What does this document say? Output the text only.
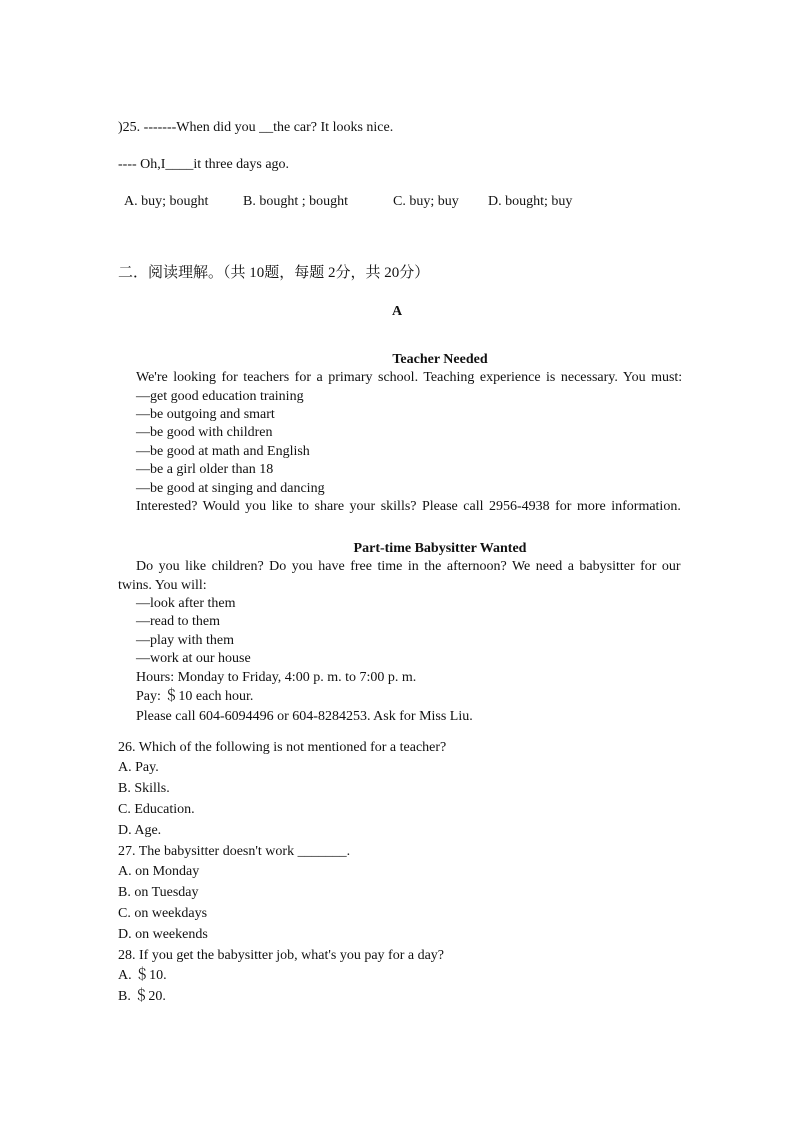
)25. -------When did you __the car? It looks nice.
---- Oh,I____it three days ago.
A. buy; bought B. bought ; bought	C. buy; buy D. bought; buy
二．阅读理解。（共 10题，每题 2分，共 20分）
A
Teacher Needed
We're looking for teachers for a primary school. Teaching experience is necessary. You must:
—get good education training
—be outgoing and smart
—be good with children
—be good at math and English
—be a girl older than 18
—be good at singing and dancing
Interested? Would you like to share your skills? Please call 2956-4938 for more information.
Part-time Babysitter Wanted
Do you like children? Do you have free time in the afternoon? We need a babysitter for our
twins. You will:
—look after them
—read to them
—play with them
—work at our house
Hours: Monday to Friday, 4:00 p. m. to 7:00 p. m.
Pay: ＄10 each hour.
Please call 604-6094496 or 604-8284253. Ask for Miss Liu.
26. Which of the following is not mentioned for a teacher?
A. Pay.
B. Skills.
C. Education.
D. Age.
27. The babysitter doesn't work _______.
A. on Monday
B. on Tuesday
C. on weekdays
D. on weekends
28. If you get the babysitter job, what's you pay for a day?
A. ＄10.
B. ＄20.
